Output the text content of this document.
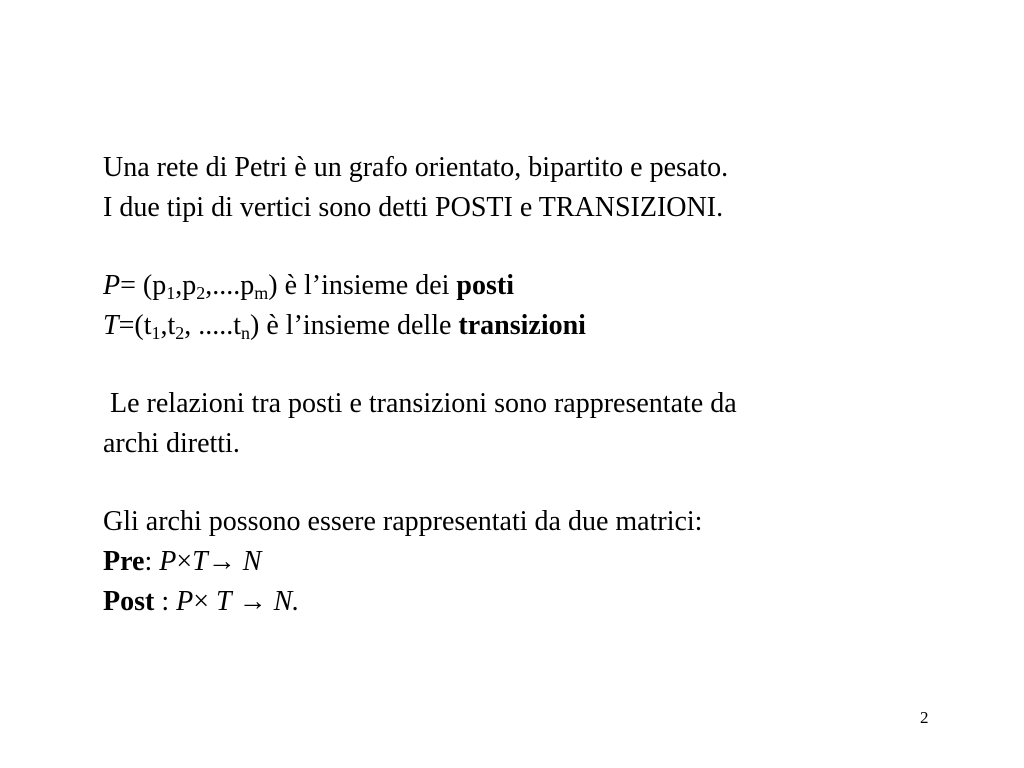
Una rete di Petri è un grafo orientato, bipartito e pesato.
I due tipi di vertici sono detti POSTI e TRANSIZIONI.
$P= (p_1,p_2,....p_m)$ è l’insieme dei posti
$T=(t_1,t_2$, $.....t_n$) è l’insieme delle transizioni
Le relazioni tra posti e transizioni sono rappresentate da
archi diretti.
Gli archi possono essere rappresentati da due matrici:
Pre: P×T→ N
Post : P× T → N.
2
